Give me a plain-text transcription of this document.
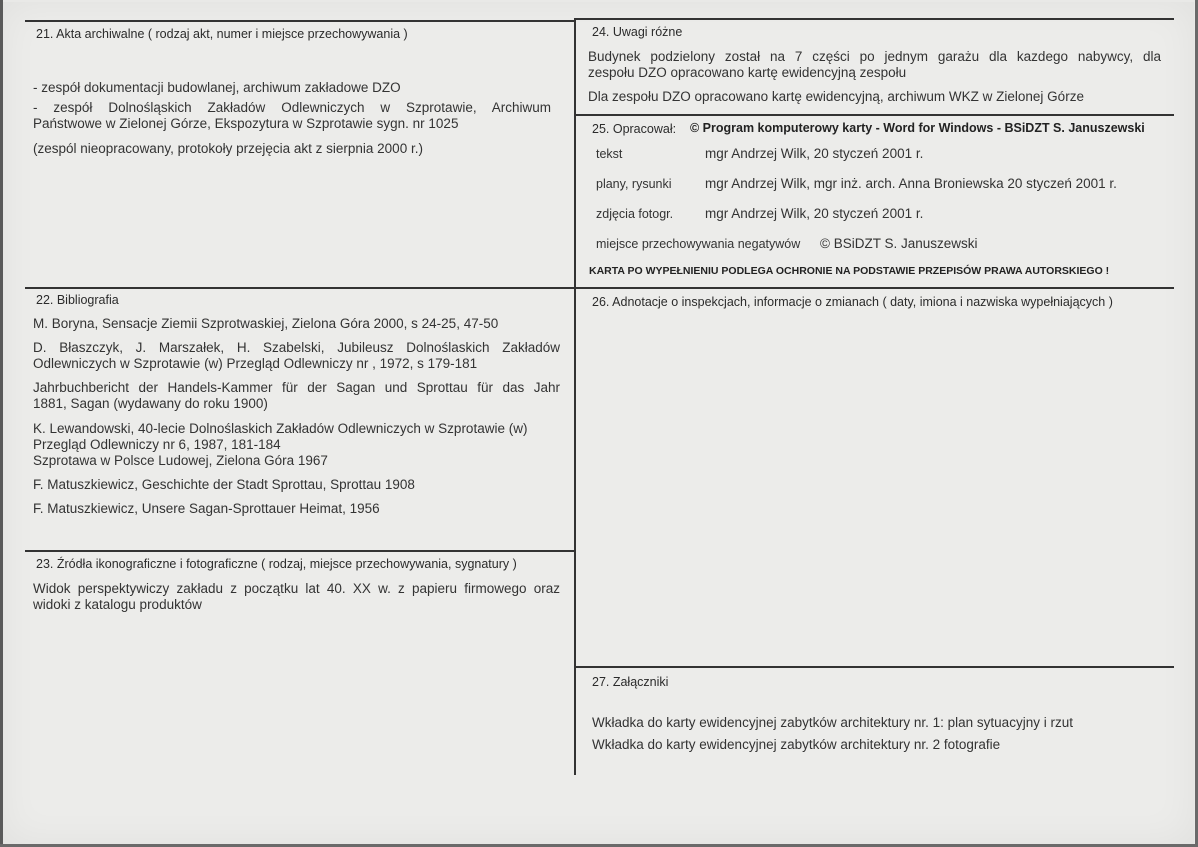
21. Akta archiwalne ( rodzaj akt, numer i miejsce przechowywania )
- zespół dokumentacji budowlanej, archiwum zakładowe DZO
- zespół Dolnośląskich Zakładów Odlewniczych w Szprotawie, Archiwum
Państwowe w Zielonej Górze, Ekspozytura w Szprotawie sygn. nr 1025
(zespól nieopracowany, protokoły przejęcia akt z sierpnia 2000 r.)
22. Bibliografia
M. Boryna, Sensacje Ziemii Szprotwaskiej, Zielona Góra 2000, s 24-25, 47-50
D. Błaszczyk, J. Marszałek, H. Szabelski, Jubileusz Dolnoślaskich Zakładów
Odlewniczych w Szprotawie (w) Przegląd Odlewniczy nr , 1972, s 179-181
Jahrbuchbericht der Handels-Kammer für der Sagan und Sprottau für das Jahr
1881, Sagan (wydawany do roku 1900)
K. Lewandowski, 40-lecie Dolnoślaskich Zakładów Odlewniczych w Szprotawie (w)
Przegląd Odlewniczy nr 6, 1987, 181-184
Szprotawa w Polsce Ludowej, Zielona Góra 1967
F. Matuszkiewicz, Geschichte der Stadt Sprottau, Sprottau 1908
F. Matuszkiewicz, Unsere Sagan-Sprottauer Heimat, 1956
23. Źródła ikonograficzne i fotograficzne ( rodzaj, miejsce przechowywania, sygnatury )
Widok perspektywiczy zakładu z początku lat 40. XX w. z papieru firmowego oraz
widoki z katalogu produktów
24. Uwagi różne
Budynek podzielony został na 7 części po jednym garażu dla kazdego nabywcy, dla
zespołu DZO opracowano kartę ewidencyjną zespołu
Dla zespołu DZO opracowano kartę ewidencyjną, archiwum WKZ w Zielonej Górze
25. Opracował: © Program komputerowy karty - Word for Windows - BSiDZT S. Januszewski
tekst	mgr Andrzej Wilk, 20 styczeń 2001 r.
plany, rysunki mgr Andrzej Wilk, mgr inż. arch. Anna Broniewska 20 styczeń 2001 r.
zdjęcia fotogr. mgr Andrzej Wilk, 20 styczeń 2001 r.
miejsce przechowywania negatywów © BSiDZT S. Januszewski
KARTA PO WYPEŁNIENIU PODLEGA OCHRONIE NA PODSTAWIE PRZEPISÓW PRAWA AUTORSKIEGO !
26. Adnotacje o inspekcjach, informacje o zmianach ( daty, imiona i nazwiska wypełniających )
27. Załączniki
Wkładka do karty ewidencyjnej zabytków architektury nr. 1: plan sytuacyjny i rzut
Wkładka do karty ewidencyjnej zabytków architektury nr. 2 fotografie
